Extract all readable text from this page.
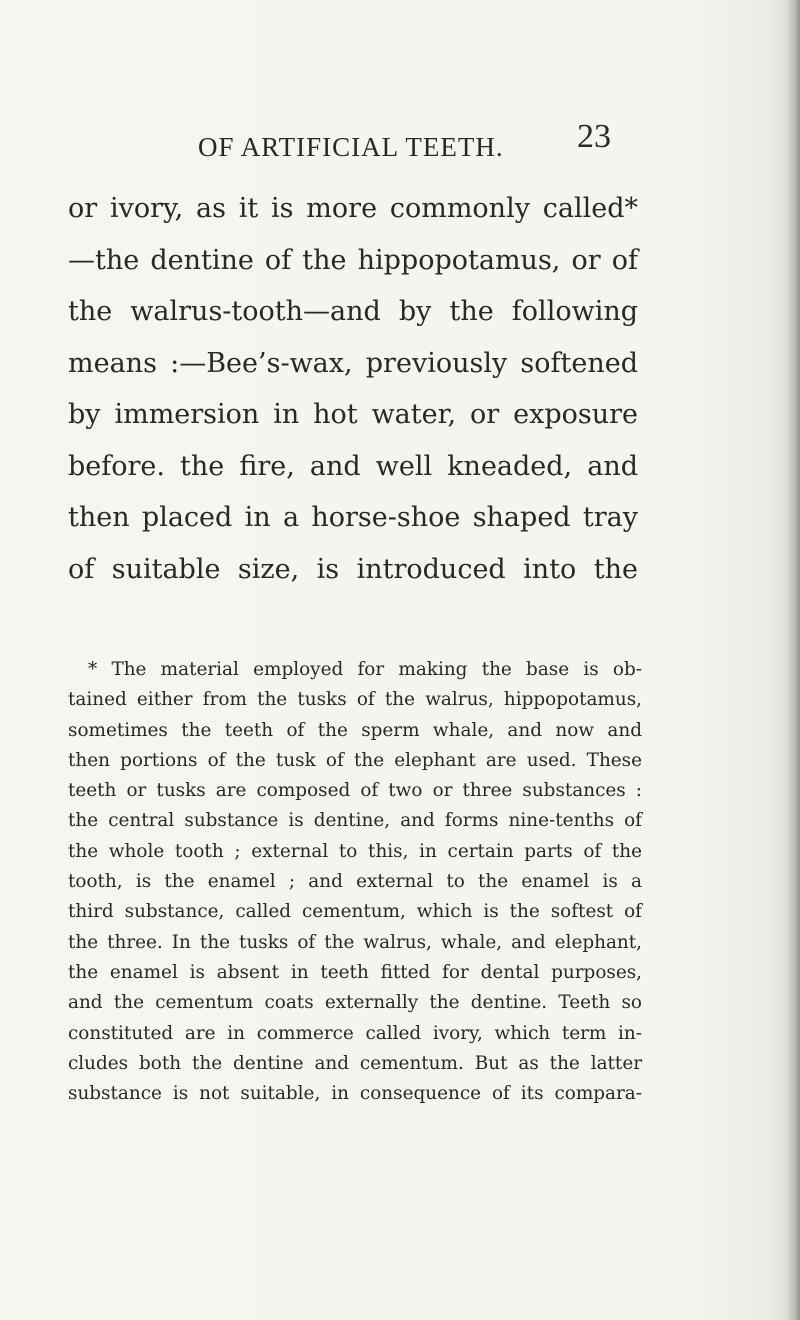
OF ARTIFICIAL TEETH.	23
or ivory, as it is more commonly called*
—the dentine of the hippopotamus, or of
the walrus-tooth—and by the following
means :—Bee’s-wax, previously softened
by immersion in hot water, or exposure
before. the fire, and well kneaded, and
then placed in a horse-shoe shaped tray
of suitable size, is introduced into the
* The material employed for making the base is ob-
tained either from the tusks of the walrus, hippopotamus,
sometimes the teeth of the sperm whale, and now and
then portions of the tusk of the elephant are used. These
teeth or tusks are composed of two or three substances :
the central substance is dentine, and forms nine-tenths of
the whole tooth ; external to this, in certain parts of the
tooth, is the enamel ; and external to the enamel is a
third substance, called cementum, which is the softest of
the three. In the tusks of the walrus, whale, and elephant,
the enamel is absent in teeth fitted for dental purposes,
and the cementum coats externally the dentine. Teeth so
constituted are in commerce called ivory, which term in-
cludes both the dentine and cementum. But as the latter
substance is not suitable, in consequence of its compara-
